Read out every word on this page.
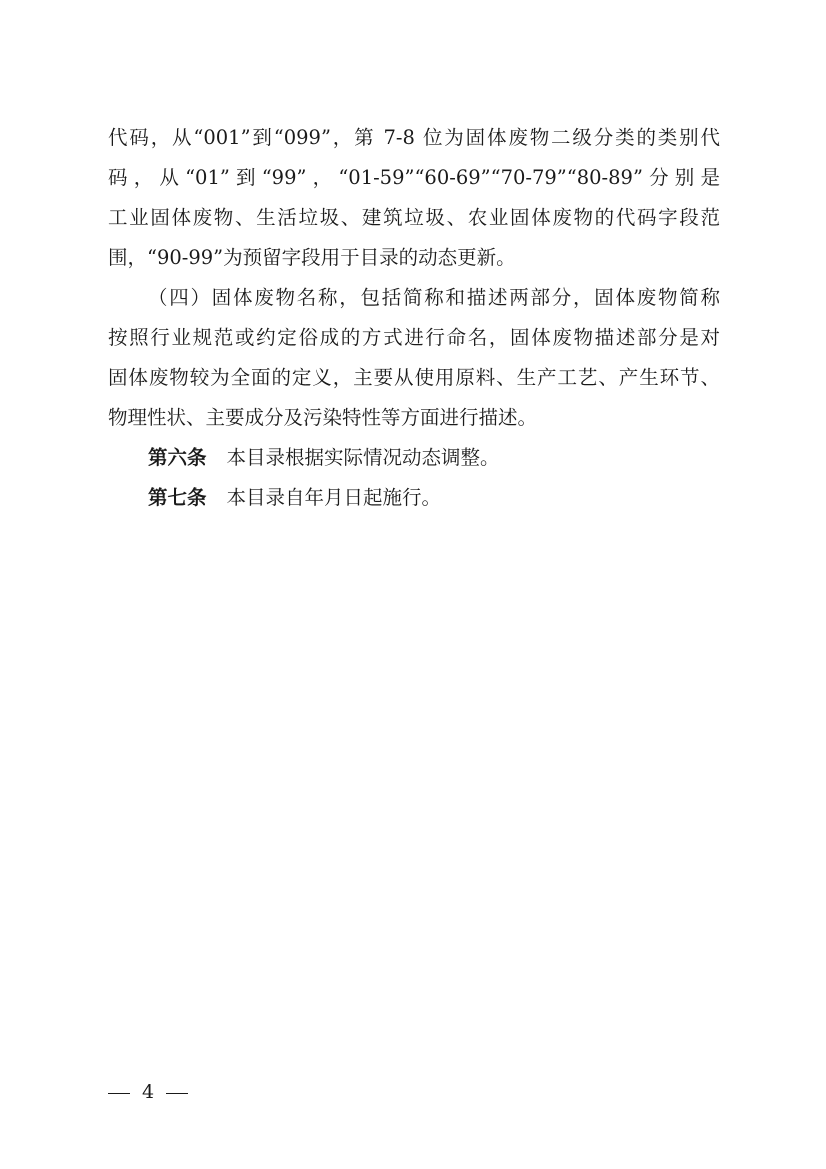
代码，从“001”到“099”，第 7-8 位为固体废物二级分类的类别代
码，从“01”到“99”，“01-59”“60-69”“70-79”“80-89”分别是
工业固体废物、生活垃圾、建筑垃圾、农业固体废物的代码字段范
围，“90-99”为预留字段用于目录的动态更新。
（四）固体废物名称，包括简称和描述两部分，固体废物简称
按照行业规范或约定俗成的方式进行命名，固体废物描述部分是对
固体废物较为全面的定义，主要从使用原料、生产工艺、产生环节、
物理性状、主要成分及污染特性等方面进行描述。
第六条 本目录根据实际情况动态调整。
第七条 本目录自年月日起施行。
4
